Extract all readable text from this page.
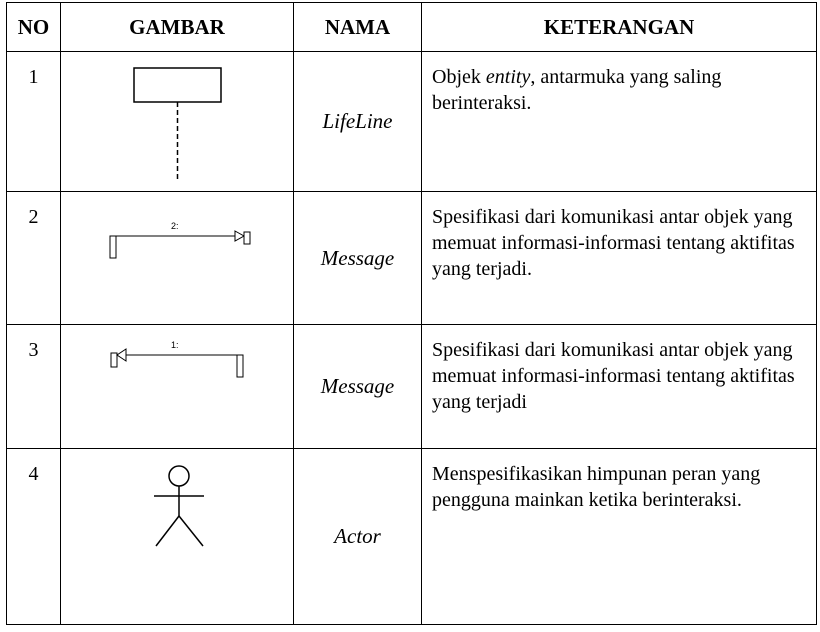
NO	GAMBAR	NAMA	KETERANGAN
1		LifeLine	Objek entity, antarmuka yang saling berinteraksi.
2	2:	Message	Spesifikasi dari komunikasi antar objek yang memuat informasi-informasi tentang aktifitas yang terjadi.
3	1:	Message	Spesifikasi dari komunikasi antar objek yang memuat informasi-informasi tentang aktifitas yang terjadi
4		Actor	Menspesifikasikan himpunan peran yang pengguna mainkan ketika berinteraksi.
